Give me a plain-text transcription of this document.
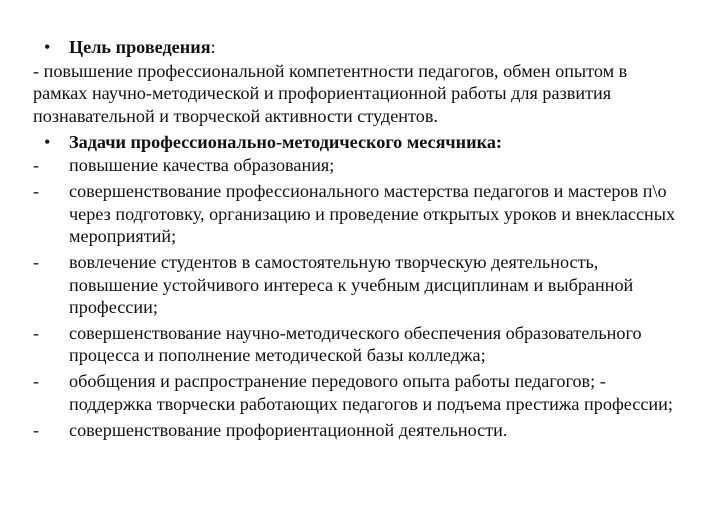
•	Цель проведения:
- повышение профессиональной компетентности педагогов, обмен опытом в рамках научно-методической и профориентационной работы для развития познавательной и творческой активности студентов.
•	Задачи профессионально-методического месячника:
-	повышение качества образования;
-	совершенствование профессионального мастерства педагогов и мастеров п\о через подготовку, организацию и проведение открытых уроков и внеклассных мероприятий;
-	вовлечение студентов в самостоятельную творческую деятельность, повышение устойчивого интереса к учебным дисциплинам и выбранной профессии;
-	совершенствование научно-методического обеспечения образовательного процесса и пополнение методической базы колледжа;
-	обобщения и распространение передового опыта работы педагогов; - поддержка творчески работающих педагогов и подъема престижа профессии;
-	совершенствование профориентационной деятельности.
